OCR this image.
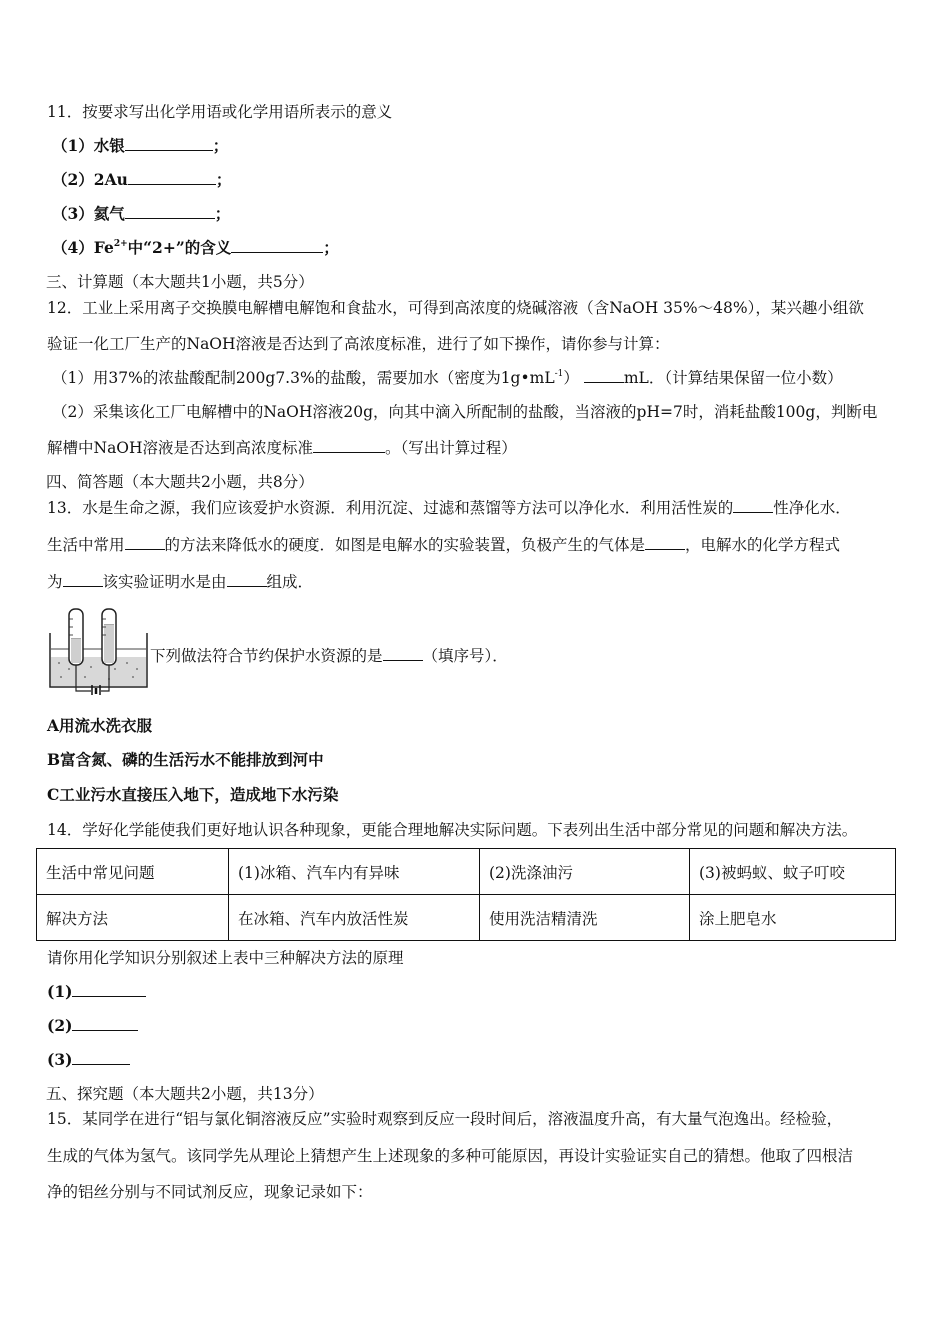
11．按要求写出化学用语或化学用语所表示的意义
（1）水银	；
（2）2Au	；
（3）氦气	；
$(4)Fe^{2+}$中“2+”的含义	；
三、计算题（本大题共1小题，共5分）
12．工业上采用离子交换膜电解槽电解饱和食盐水，可得到高浓度的烧碱溶液（含NaOH 35%～48%），某兴趣小组欲
验证一化工厂生产的NaOH溶液是否达到了高浓度标准，进行了如下操作，请你参与计算：
（1）用37%的浓盐酸配制200g7.3%的盐酸，需要加水（密度为$1g•mL^{-1}$）	mL．（计算结果保留一位小数）
（2）采集该化工厂电解槽中的NaOH溶液20g，向其中滴入所配制的盐酸，当溶液的pH=7时，消耗盐酸100g，判断电
解槽中NaOH溶液是否达到高浓度标准	。（写出计算过程）
四、简答题（本大题共2小题，共8分）
13．水是生命之源，我们应该爱护水资源．利用沉淀、过滤和蒸馏等方法可以净化水．利用活性炭的	性净化水．
生活中常用	的方法来降低水的硬度．如图是电解水的实验装置，负极产生的气体是	，电解水的化学方程式
为	该实验证明水是由	组成．
下列做法符合节约保护水资源的是	（填序号）．
A用流水洗衣服
B富含氮、磷的生活污水不能排放到河中
C工业污水直接压入地下，造成地下水污染
14．学好化学能使我们更好地认识各种现象，更能合理地解决实际问题。下表列出生活中部分常见的问题和解决方法。
生活中常见问题	(1)冰箱、汽车内有异味	(2)洗涤油污	(3)被蚂蚁、蚊子叮咬
解决方法	在冰箱、汽车内放活性炭	使用洗洁精清洗	涂上肥皂水
请你用化学知识分别叙述上表中三种解决方法的原理
(1)
(2)
(3)
五、探究题（本大题共2小题，共13分）
15．某同学在进行“铝与氯化铜溶液反应”实验时观察到反应一段时间后，溶液温度升高，有大量气泡逸出。经检验，
生成的气体为氢气。该同学先从理论上猜想产生上述现象的多种可能原因，再设计实验证实自己的猜想。他取了四根洁
净的铝丝分别与不同试剂反应，现象记录如下：
